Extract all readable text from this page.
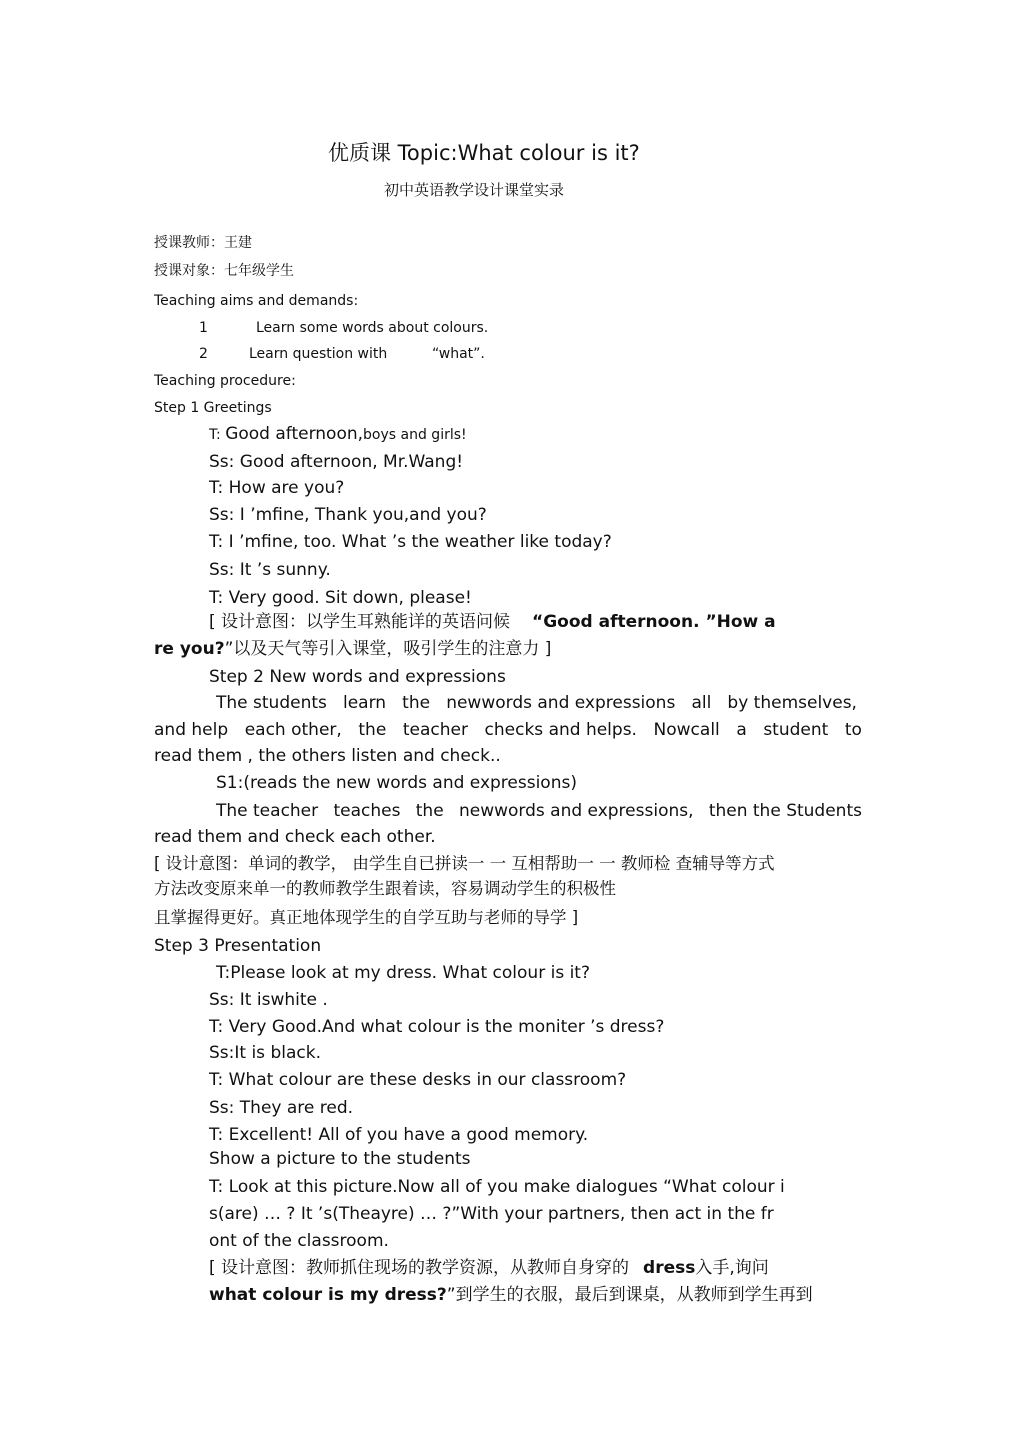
优质课 Topic:What colour is it?
初中英语教学设计课堂实录
授课教师：王建
授课对象：七年级学生
Teaching aims and demands:
1	Learn some words about colours.
2	Learn question with	“what”.
Teaching procedure:
Step 1 Greetings
T: Good afternoon,boys and girls!
Ss: Good afternoon, Mr.Wang!
T: How are you?
Ss: I ’mfine, Thank you,and you?
T: I ’mfine, too. What ’s the weather like today?
Ss: It ’s sunny.
T: Very good. Sit down, please!
[ 设计意图：以学生耳熟能详的英语问候 “Good afternoon. ”How a
re you?”以及天气等引入课堂，吸引学生的注意力 ]
Step 2 New words and expressions
The students learn the newwords and expressions all by themselves,
and help each other, the teacher checks and helps. Nowcall a student to
read them , the others listen and check..
S1:(reads the new words and expressions)
The teacher teaches the newwords and expressions, then the Students
read them and check each other.
[ 设计意图：单词的教学， 由学生自已拼读一 一 互相帮助一 一 教师检 查辅导等方式
方法改变原来单一的教师教学生跟着读，容易调动学生的积极性
且掌握得更好。真正地体现学生的自学互助与老师的导学 ]
Step 3 Presentation
T:Please look at my dress. What colour is it?
Ss: It iswhite .
T: Very Good.And what colour is the moniter ’s dress?
Ss:It is black.
T: What colour are these desks in our classroom?
Ss: They are red.
T: Excellent! All of you have a good memory.
Show a picture to the students
T: Look at this picture.Now all of you make dialogues “What colour i
s(are) … ? It ’s(Theayre) … ?”With your partners, then act in the fr
ont of the classroom.
[ 设计意图：教师抓住现场的教学资源，从教师自身穿的 dress入手,询问
what colour is my dress?”到学生的衣服，最后到课桌，从教师到学生再到
